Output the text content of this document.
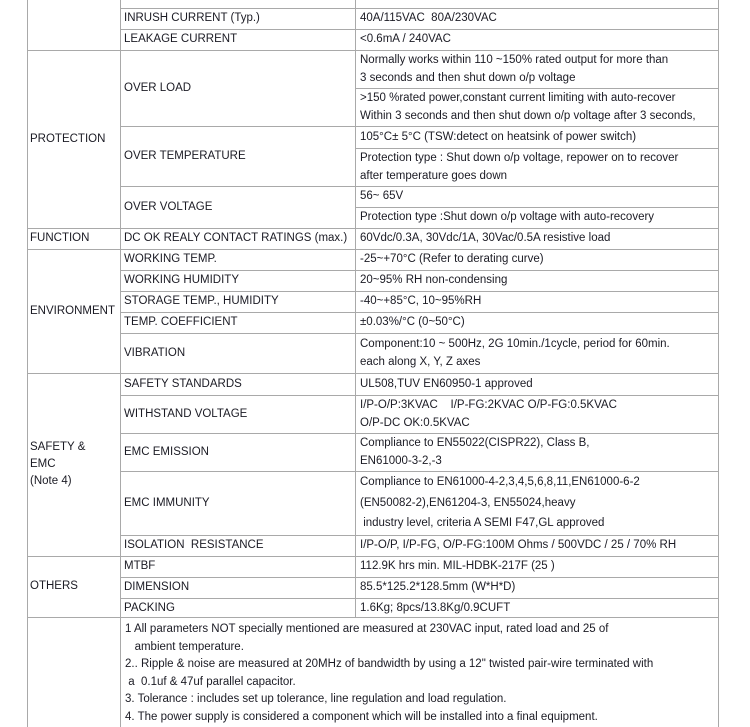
	INRUSH CURRENT (Typ.)	40A/115VAC  80A/230VAC

	LEAKAGE CURRENT	<0.6mA / 240VAC

PROTECTION	OVER LOAD	Normally works within 110 ~150% rated output for more than
3 seconds and then shut down o/p voltage

		>150 %rated power,constant current limiting with auto-recover
Within 3 seconds and then shut down o/p voltage after 3 seconds,

	OVER TEMPERATURE	105°C± 5°C (TSW:detect on heatsink of power switch)

		Protection type : Shut down o/p voltage, repower on to recover
after temperature goes down

	OVER VOLTAGE	56~ 65V

		Protection type :Shut down o/p voltage with auto-recovery

FUNCTION	DC OK REALY CONTACT RATINGS (max.)	60Vdc/0.3A, 30Vdc/1A, 30Vac/0.5A resistive load

ENVIRONMENT	WORKING TEMP.	-25~+70°C (Refer to derating curve)

	WORKING HUMIDITY	20~95% RH non-condensing

	STORAGE TEMP., HUMIDITY	-40~+85°C, 10~95%RH

	TEMP. COEFFICIENT	±0.03%/°C (0~50°C)

	VIBRATION	Component:10 ~ 500Hz, 2G 10min./1cycle, period for 60min.
each along X, Y, Z axes

SAFETY &
EMC
(Note 4)	SAFETY STANDARDS	UL508,TUV EN60950-1 approved

	WITHSTAND VOLTAGE	I/P-O/P:3KVAC    I/P-FG:2KVAC O/P-FG:0.5KVAC
O/P-DC OK:0.5KVAC

	EMC EMISSION	Compliance to EN55022(CISPR22), Class B,
EN61000-3-2,-3

	EMC IMMUNITY	Compliance to EN61000-4-2,3,4,5,6,8,11,EN61000-6-2
(EN50082-2),EN61204-3, EN55024,heavy
industry level, criteria A SEMI F47,GL approved

	ISOLATION  RESISTANCE	I/P-O/P, I/P-FG, O/P-FG:100M Ohms / 500VDC / 25 / 70% RH

OTHERS	MTBF	112.9K hrs min. MIL-HDBK-217F (25 )

	DIMENSION	85.5*125.2*128.5mm (W*H*D)

	PACKING	1.6Kg; 8pcs/13.8Kg/0.9CUFT

1 All parameters NOT specially mentioned are measured at 230VAC input, rated load and 25 of
ambient temperature.
2.. Ripple & noise are measured at 20MHz of bandwidth by using a 12" twisted pair-wire terminated with
a  0.1uf & 47uf parallel capacitor.
3. Tolerance : includes set up tolerance, line regulation and load regulation.
4. The power supply is considered a component which will be installed into a final equipment.
